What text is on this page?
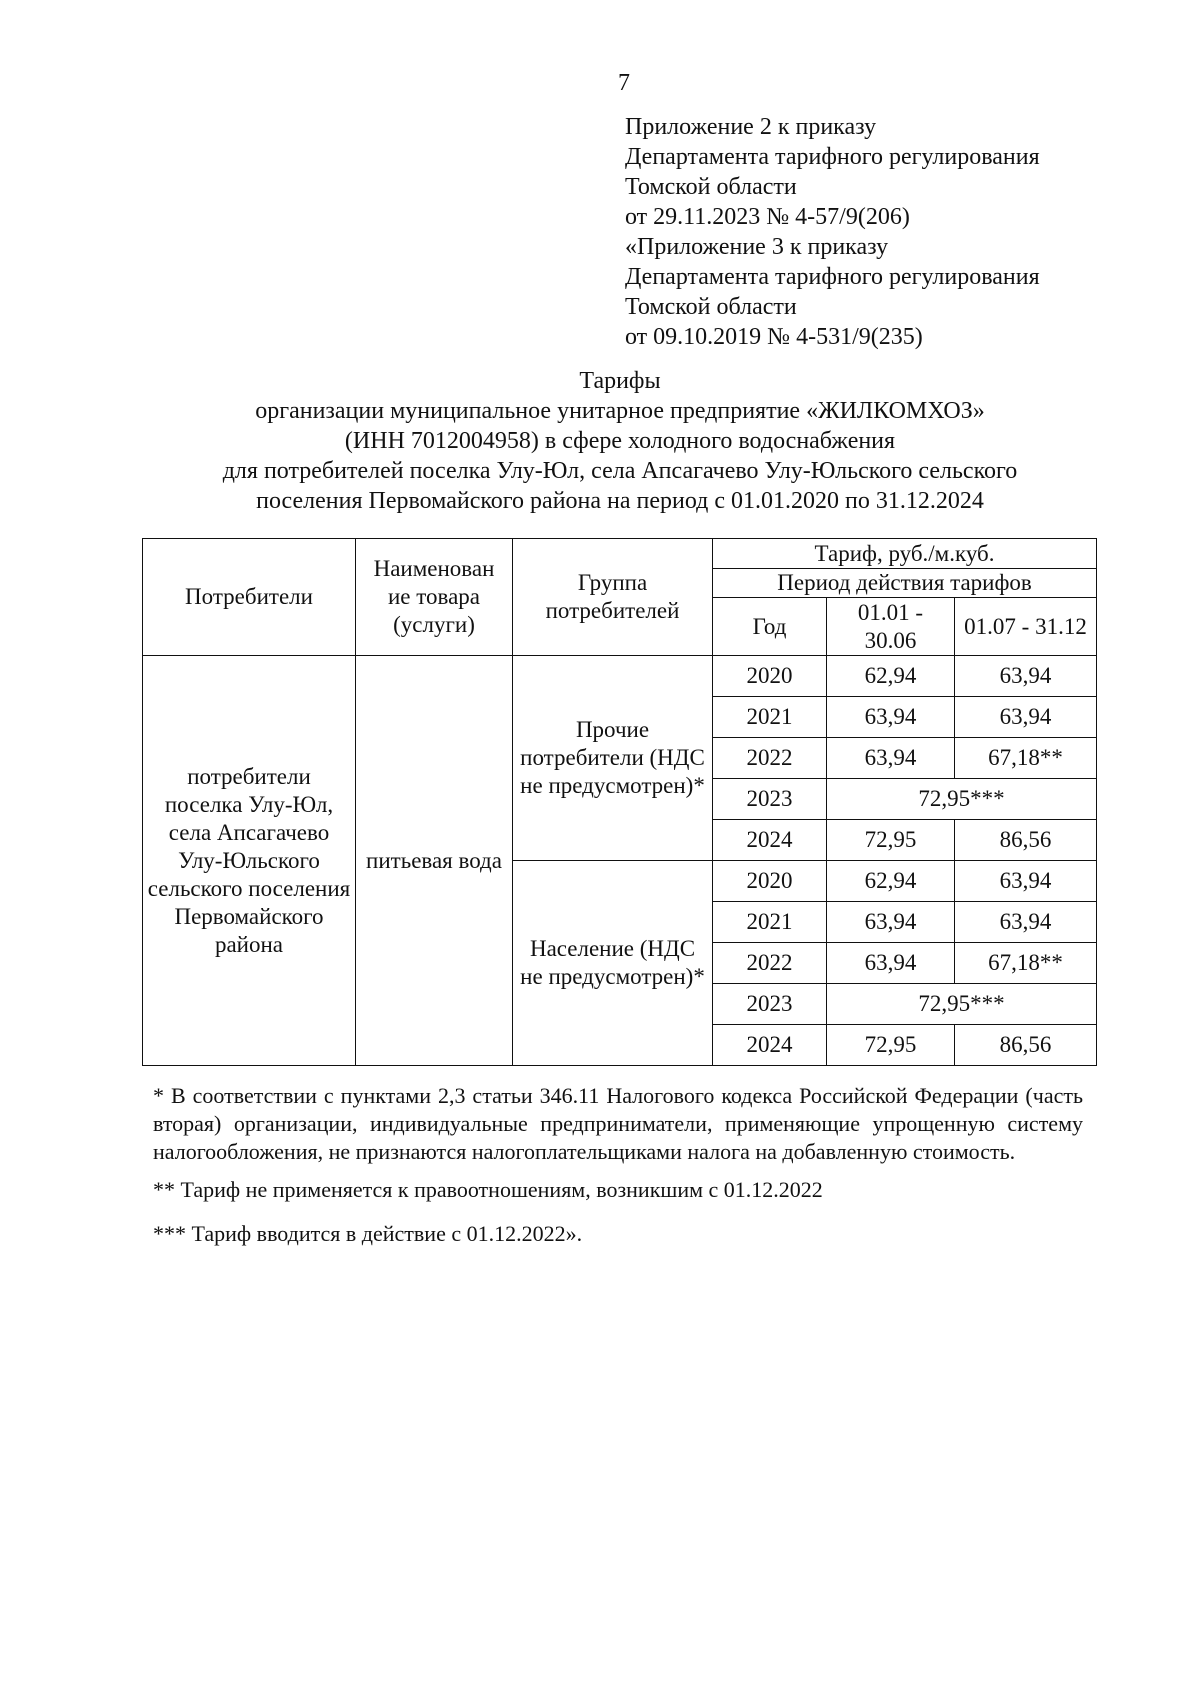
7
Приложение 2 к приказу
Департамента тарифного регулирования
Томской области
от 29.11.2023 № 4-57/9(206)
«Приложение 3 к приказу
Департамента тарифного регулирования
Томской области
от 09.10.2019 № 4-531/9(235)
Тарифы
организации муниципальное унитарное предприятие «ЖИЛКОМХОЗ»
(ИНН 7012004958) в сфере холодного водоснабжения
для потребителей поселка Улу-Юл, села Апсагачево Улу-Юльского сельского
поселения Первомайского района на период с 01.01.2020 по 31.12.2024
Потребители	Наименован ие товара (услуги)	Группа потребителей	Тариф, руб./м.куб.		
			Период действия тарифов		
			Год	01.01 - 30.06	01.07 - 31.12
потребители поселка Улу-Юл, села Апсагачево Улу-Юльского сельского поселения Первомайского района	питьевая вода	Прочие потребители (НДС не предусмотрен)*	2020	62,94	63,94
			2021	63,94	63,94
			2022	63,94	67,18**
			2023	72,95***	
			2024	72,95	86,56
		Население (НДС не предусмотрен)*	2020	62,94	63,94
			2021	63,94	63,94
			2022	63,94	67,18**
			2023	72,95***	
			2024	72,95	86,56
* В соответствии с пунктами 2,3 статьи 346.11 Налогового кодекса Российской Федерации (часть вторая) организации, индивидуальные предприниматели, применяющие упрощенную систему налогообложения, не признаются налогоплательщиками налога на добавленную стоимость.
** Тариф не применяется к правоотношениям, возникшим с 01.12.2022
*** Тариф вводится в действие с 01.12.2022».
